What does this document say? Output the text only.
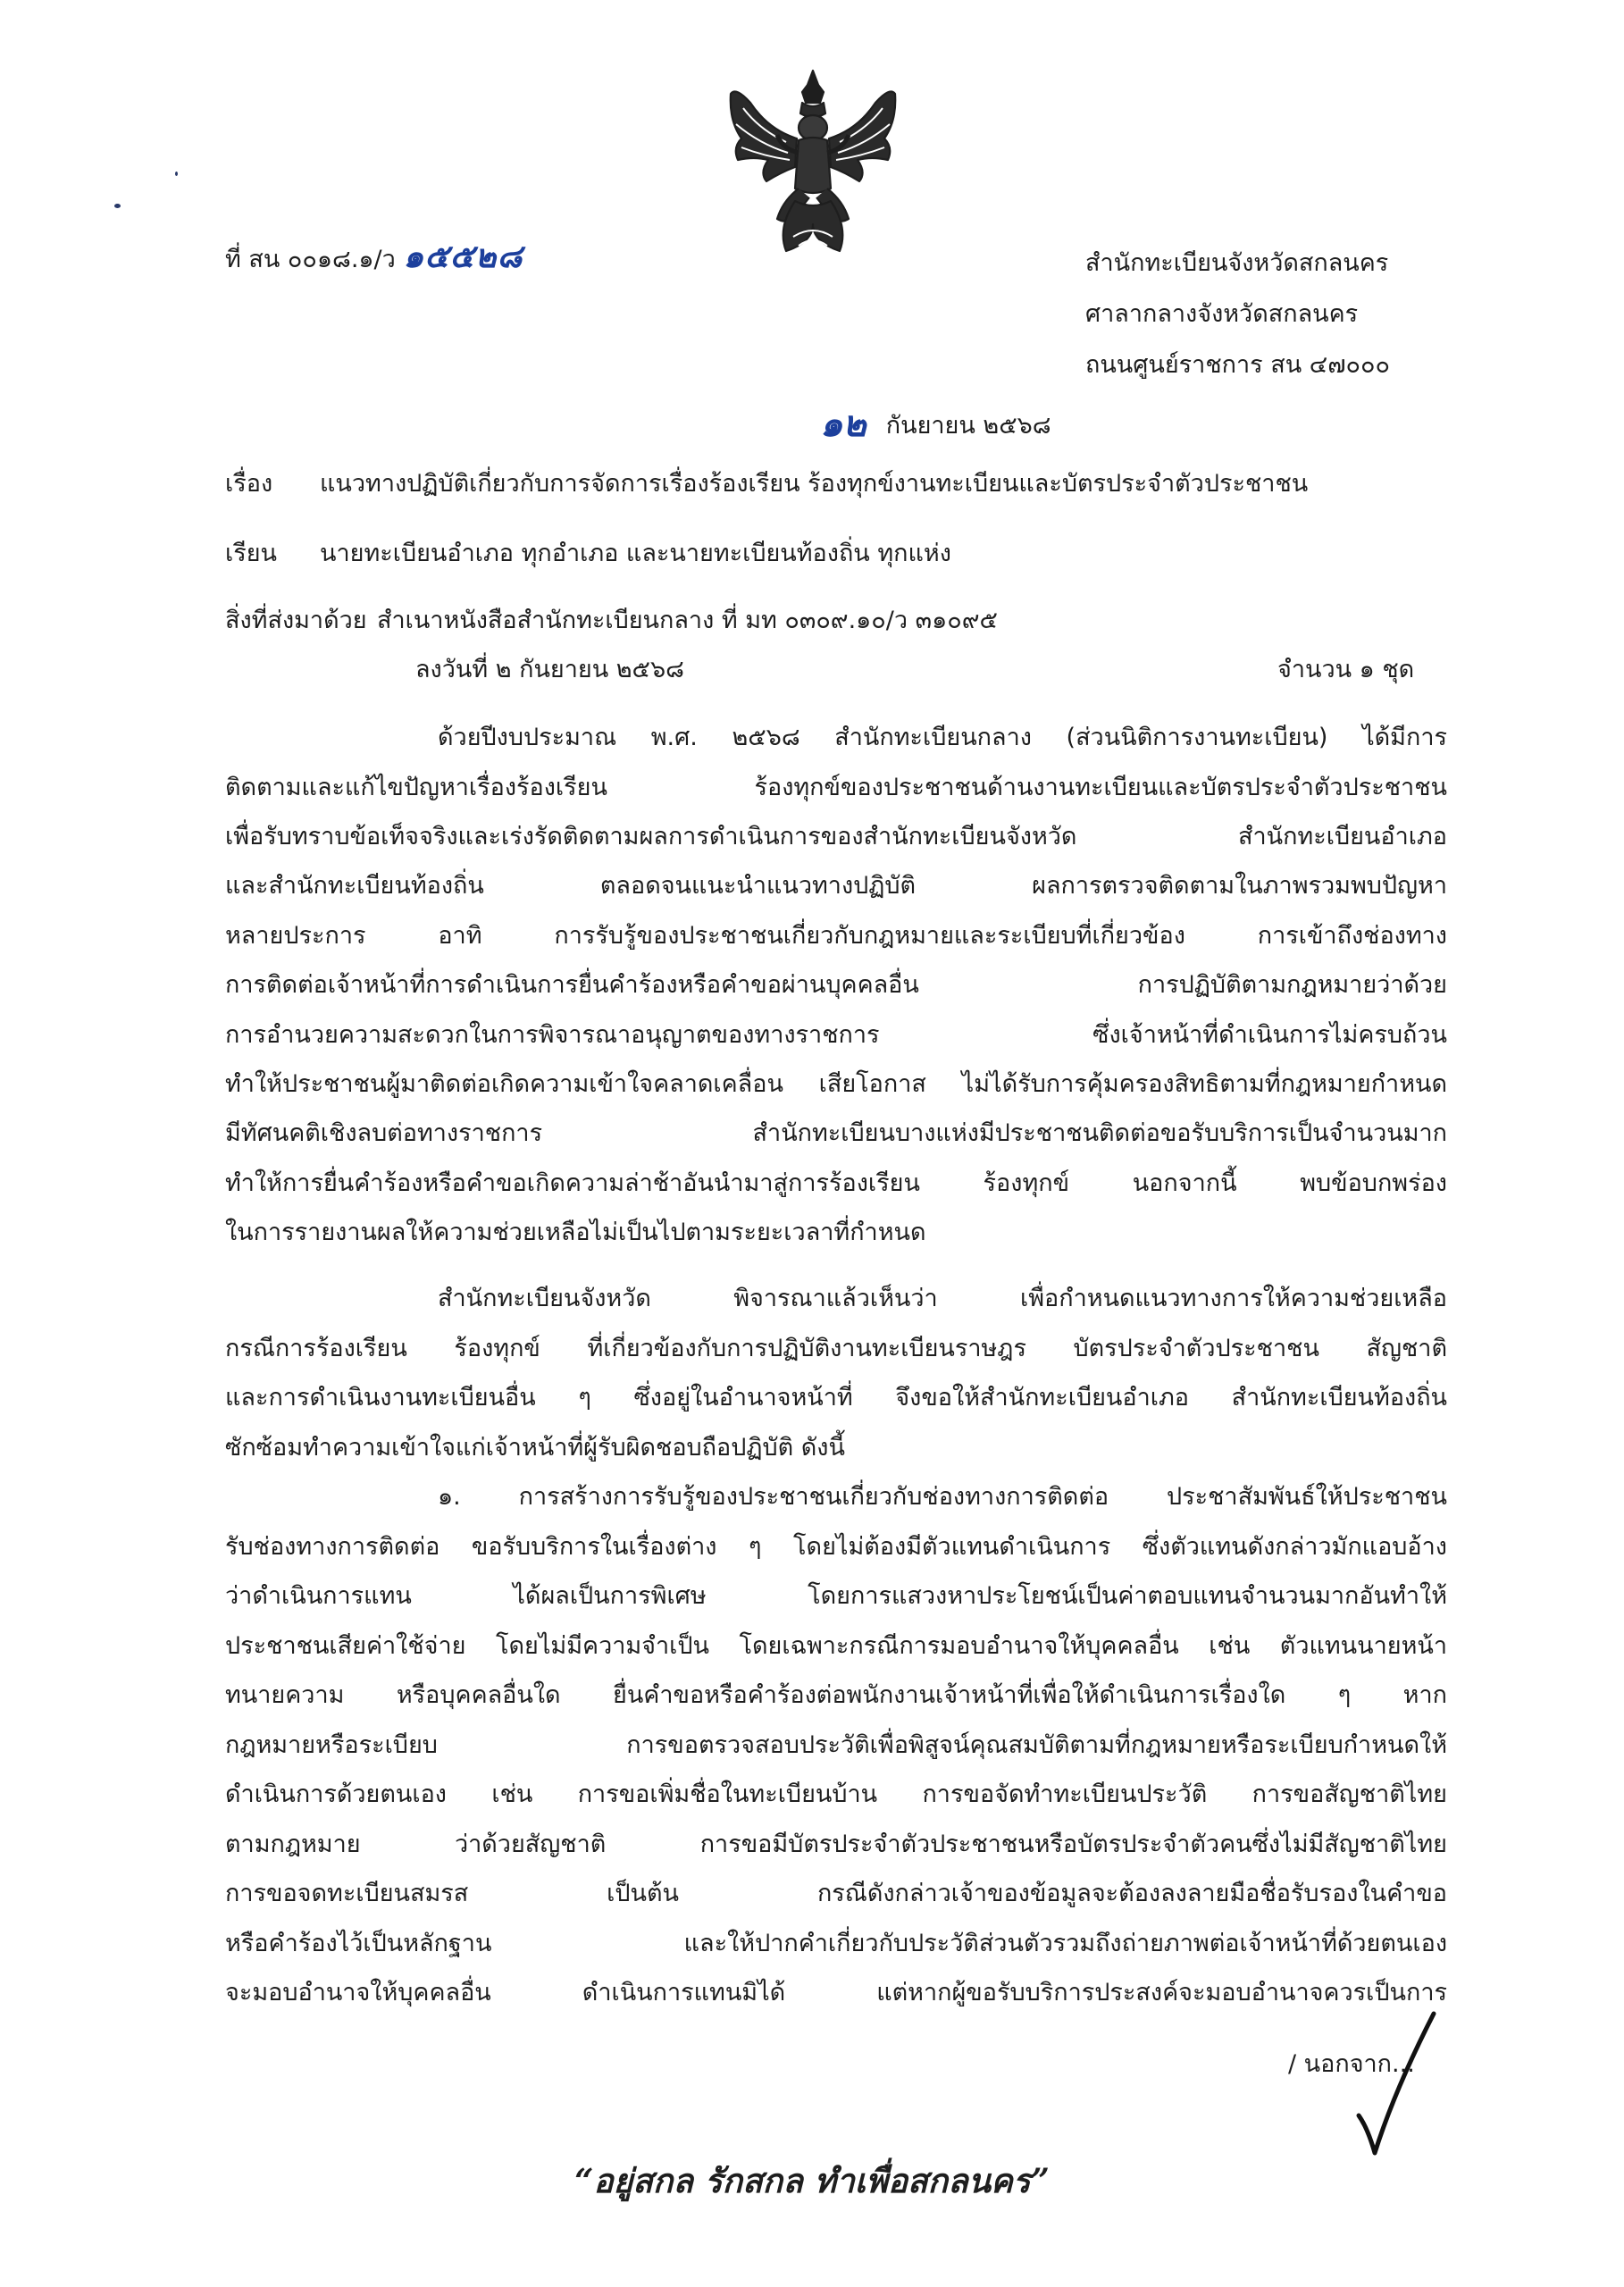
ที่ สน ๐๐๑๘.๑/ว ๑๕๕๒๘	สำนักทะเบียนจังหวัดสกลนคร
ศาลากลางจังหวัดสกลนคร
ถนนศูนย์ราชการ สน ๔๗๐๐๐
๑๒ กันยายน ๒๕๖๘
เรื่อง แนวทางปฏิบัติเกี่ยวกับการจัดการเรื่องร้องเรียน ร้องทุกข์งานทะเบียนและบัตรประจำตัวประชาชน
เรียน นายทะเบียนอำเภอ ทุกอำเภอ และนายทะเบียนท้องถิ่น ทุกแห่ง
สิ่งที่ส่งมาด้วย สำเนาหนังสือสำนักทะเบียนกลาง ที่ มท ๐๓๐๙.๑๐/ว ๓๑๐๙๕
ลงวันที่ ๒ กันยายน ๒๕๖๘	จำนวน ๑ ชุด
ด้วยปีงบประมาณ พ.ศ. ๒๕๖๘ สำนักทะเบียนกลาง (ส่วนนิติการงานทะเบียน) ได้มีการ
ติดตามและแก้ไขปัญหาเรื่องร้องเรียน ร้องทุกข์ของประชาชนด้านงานทะเบียนและบัตรประจำตัวประชาชน
เพื่อรับทราบข้อเท็จจริงและเร่งรัดติดตามผลการดำเนินการของสำนักทะเบียนจังหวัด สำนักทะเบียนอำเภอ
และสำนักทะเบียนท้องถิ่น ตลอดจนแนะนำแนวทางปฏิบัติ ผลการตรวจติดตามในภาพรวมพบปัญหา
หลายประการ อาทิ การรับรู้ของประชาชนเกี่ยวกับกฎหมายและระเบียบที่เกี่ยวข้อง การเข้าถึงช่องทาง
การติดต่อเจ้าหน้าที่การดำเนินการยื่นคำร้องหรือคำขอผ่านบุคคลอื่น การปฏิบัติตามกฎหมายว่าด้วย
การอำนวยความสะดวกในการพิจารณาอนุญาตของทางราชการ ซึ่งเจ้าหน้าที่ดำเนินการไม่ครบถ้วน
ทำให้ประชาชนผู้มาติดต่อเกิดความเข้าใจคลาดเคลื่อน เสียโอกาส ไม่ได้รับการคุ้มครองสิทธิตามที่กฎหมายกำหนด
มีทัศนคติเชิงลบต่อทางราชการ สำนักทะเบียนบางแห่งมีประชาชนติดต่อขอรับบริการเป็นจำนวนมาก
ทำให้การยื่นคำร้องหรือคำขอเกิดความล่าช้าอันนำมาสู่การร้องเรียน ร้องทุกข์ นอกจากนี้ พบข้อบกพร่อง
ในการรายงานผลให้ความช่วยเหลือไม่เป็นไปตามระยะเวลาที่กำหนด
สำนักทะเบียนจังหวัด พิจารณาแล้วเห็นว่า เพื่อกำหนดแนวทางการให้ความช่วยเหลือ
กรณีการร้องเรียน ร้องทุกข์ ที่เกี่ยวข้องกับการปฏิบัติงานทะเบียนราษฎร บัตรประจำตัวประชาชน สัญชาติ
และการดำเนินงานทะเบียนอื่น ๆ ซึ่งอยู่ในอำนาจหน้าที่ จึงขอให้สำนักทะเบียนอำเภอ สำนักทะเบียนท้องถิ่น
ซักซ้อมทำความเข้าใจแก่เจ้าหน้าที่ผู้รับผิดชอบถือปฏิบัติ ดังนี้
๑. การสร้างการรับรู้ของประชาชนเกี่ยวกับช่องทางการติดต่อ ประชาสัมพันธ์ให้ประชาชน
รับช่องทางการติดต่อ ขอรับบริการในเรื่องต่าง ๆ โดยไม่ต้องมีตัวแทนดำเนินการ ซึ่งตัวแทนดังกล่าวมักแอบอ้าง
ว่าดำเนินการแทน ได้ผลเป็นการพิเศษ โดยการแสวงหาประโยชน์เป็นค่าตอบแทนจำนวนมากอันทำให้
ประชาชนเสียค่าใช้จ่าย โดยไม่มีความจำเป็น โดยเฉพาะกรณีการมอบอำนาจให้บุคคลอื่น เช่น ตัวแทนนายหน้า
ทนายความ หรือบุคคลอื่นใด ยื่นคำขอหรือคำร้องต่อพนักงานเจ้าหน้าที่เพื่อให้ดำเนินการเรื่องใด ๆ หาก
กฎหมายหรือระเบียบ การขอตรวจสอบประวัติเพื่อพิสูจน์คุณสมบัติตามที่กฎหมายหรือระเบียบกำหนดให้
ดำเนินการด้วยตนเอง เช่น การขอเพิ่มชื่อในทะเบียนบ้าน การขอจัดทำทะเบียนประวัติ การขอสัญชาติไทย
ตามกฎหมาย ว่าด้วยสัญชาติ การขอมีบัตรประจำตัวประชาชนหรือบัตรประจำตัวคนซึ่งไม่มีสัญชาติไทย
การขอจดทะเบียนสมรส เป็นต้น กรณีดังกล่าวเจ้าของข้อมูลจะต้องลงลายมือชื่อรับรองในคำขอ
หรือคำร้องไว้เป็นหลักฐาน และให้ปากคำเกี่ยวกับประวัติส่วนตัวรวมถึงถ่ายภาพต่อเจ้าหน้าที่ด้วยตนเอง
จะมอบอำนาจให้บุคคลอื่น ดำเนินการแทนมิได้ แต่หากผู้ขอรับบริการประสงค์จะมอบอำนาจควรเป็นการ
/ นอกจาก...
“อยู่สกล รักสกล ทำเพื่อสกลนคร”
